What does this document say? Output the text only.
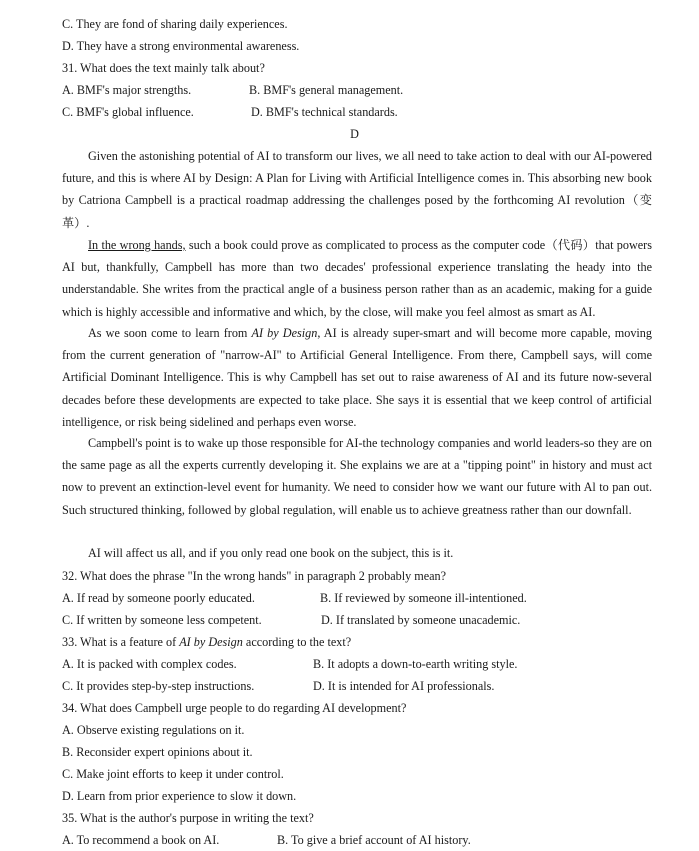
C. They are fond of sharing daily experiences.
D. They have a strong environmental awareness.
31. What does the text mainly talk about?
A. BMF's major strengths.	B. BMF's general management.
C. BMF's global influence.	D. BMF's technical standards.
D
Given the astonishing potential of AI to transform our lives, we all need to take action to deal with our AI-powered future, and this is where AI by Design: A Plan for Living with Artificial Intelligence comes in. This absorbing new book by Catriona Campbell is a practical roadmap addressing the challenges posed by the forthcoming AI revolution（变革）.
In the wrong hands, such a book could prove as complicated to process as the computer code（代码）that powers AI but, thankfully, Campbell has more than two decades' professional experience translating the heady into the understandable. She writes from the practical angle of a business person rather than as an academic, making for a guide which is highly accessible and informative and which, by the close, will make you feel almost as smart as AI.
As we soon come to learn from AI by Design, AI is already super-smart and will become more capable, moving from the current generation of "narrow-AI" to Artificial General Intelligence. From there, Campbell says, will come Artificial Dominant Intelligence. This is why Campbell has set out to raise awareness of AI and its future now-several decades before these developments are expected to take place. She says it is essential that we keep control of artificial intelligence, or risk being sidelined and perhaps even worse.
Campbell's point is to wake up those responsible for AI-the technology companies and world leaders-so they are on the same page as all the experts currently developing it. She explains we are at a "tipping point" in history and must act now to prevent an extinction-level event for humanity. We need to consider how we want our future with Al to pan out. Such structured thinking, followed by global regulation, will enable us to achieve greatness rather than our downfall.
AI will affect us all, and if you only read one book on the subject, this is it.
32. What does the phrase "In the wrong hands" in paragraph 2 probably mean?
A. If read by someone poorly educated.	B. If reviewed by someone ill-intentioned.
C. If written by someone less competent.	D. If translated by someone unacademic.
33. What is a feature of AI by Design according to the text?
A. It is packed with complex codes.	B. It adopts a down-to-earth writing style.
C. It provides step-by-step instructions.	D. It is intended for AI professionals.
34. What does Campbell urge people to do regarding AI development?
A. Observe existing regulations on it.
B. Reconsider expert opinions about it.
C. Make joint efforts to keep it under control.
D. Learn from prior experience to slow it down.
35. What is the author's purpose in writing the text?
A. To recommend a book on AI.	B. To give a brief account of AI history.
